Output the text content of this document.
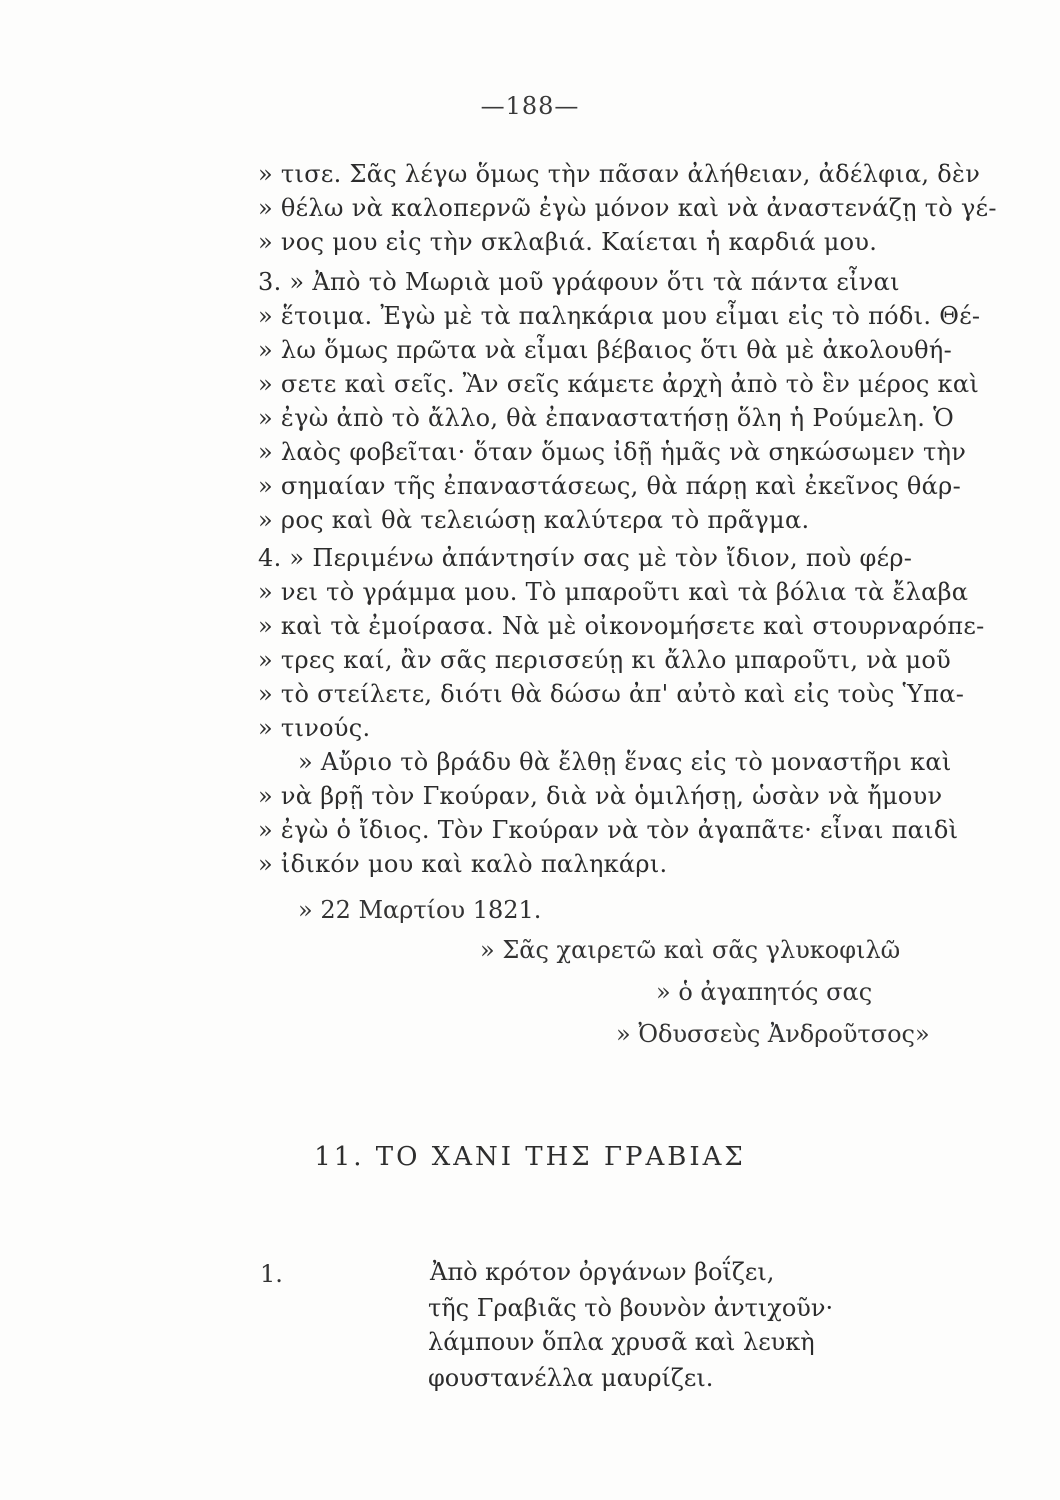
—188—
» τισε. Σᾶς λέγω ὅμως τὴν πᾶσαν ἀλήθειαν, ἀδέλφια, δὲν
» θέλω νὰ καλοπερνῶ ἐγὼ μόνον καὶ νὰ ἀναστενάζῃ τὸ γέ-
» νος μου εἰς τὴν σκλαβιά. Καίεται ἡ καρδιά μου.
3. » Ἀπὸ τὸ Μωριὰ μοῦ γράφουν ὅτι τὰ πάντα εἶναι
» ἕτοιμα. Ἐγὼ μὲ τὰ παληκάρια μου εἶμαι εἰς τὸ πόδι. Θέ-
» λω ὅμως πρῶτα νὰ εἶμαι βέβαιος ὅτι θὰ μὲ ἀκολουθή-
» σετε καὶ σεῖς. Ἂν σεῖς κάμετε ἀρχὴ ἀπὸ τὸ ἓν μέρος καὶ
» ἐγὼ ἀπὸ τὸ ἄλλο, θὰ ἐπαναστατήσῃ ὅλη ἡ Ρούμελη. Ὁ
» λαὸς φοβεῖται· ὅταν ὅμως ἰδῇ ἡμᾶς νὰ σηκώσωμεν τὴν
» σημαίαν τῆς ἐπαναστάσεως, θὰ πάρῃ καὶ ἐκεῖνος θάρ-
» ρος καὶ θὰ τελειώσῃ καλύτερα τὸ πρᾶγμα.
4. » Περιμένω ἀπάντησίν σας μὲ τὸν ἴδιον, ποὺ φέρ-
» νει τὸ γράμμα μου. Τὸ μπαροῦτι καὶ τὰ βόλια τὰ ἔλαβα
» καὶ τὰ ἐμοίρασα. Νὰ μὲ οἰκονομήσετε καὶ στουρναρόπε-
» τρες καί, ἂν σᾶς περισσεύῃ κι ἄλλο μπαροῦτι, νὰ μοῦ
» τὸ στείλετε, διότι θὰ δώσω ἀπ' αὐτὸ καὶ εἰς τοὺς Ὑπα-
» τινούς.
» Αὔριο τὸ βράδυ θὰ ἔλθῃ ἕνας εἰς τὸ μοναστῆρι καὶ
» νὰ βρῇ τὸν Γκούραν, διὰ νὰ ὁμιλήσῃ, ὡσὰν νὰ ἤμουν
» ἐγὼ ὁ ἴδιος. Τὸν Γκούραν νὰ τὸν ἀγαπᾶτε· εἶναι παιδὶ
» ἰδικόν μου καὶ καλὸ παληκάρι.
» 22 Μαρτίου 1821.
» Σᾶς χαιρετῶ καὶ σᾶς γλυκοφιλῶ
» ὁ ἀγαπητός σας
» Ὀδυσσεὺς Ἀνδροῦτσος»
11. ΤΟ ΧΑΝΙ ΤΗΣ ΓΡΑΒΙΑΣ
1.	Ἀπὸ κρότον ὀργάνων βοΐζει,
τῆς Γραβιᾶς τὸ βουνὸν ἀντιχοῦν·
λάμπουν ὅπλα χρυσᾶ καὶ λευκὴ
φουστανέλλα μαυρίζει.
